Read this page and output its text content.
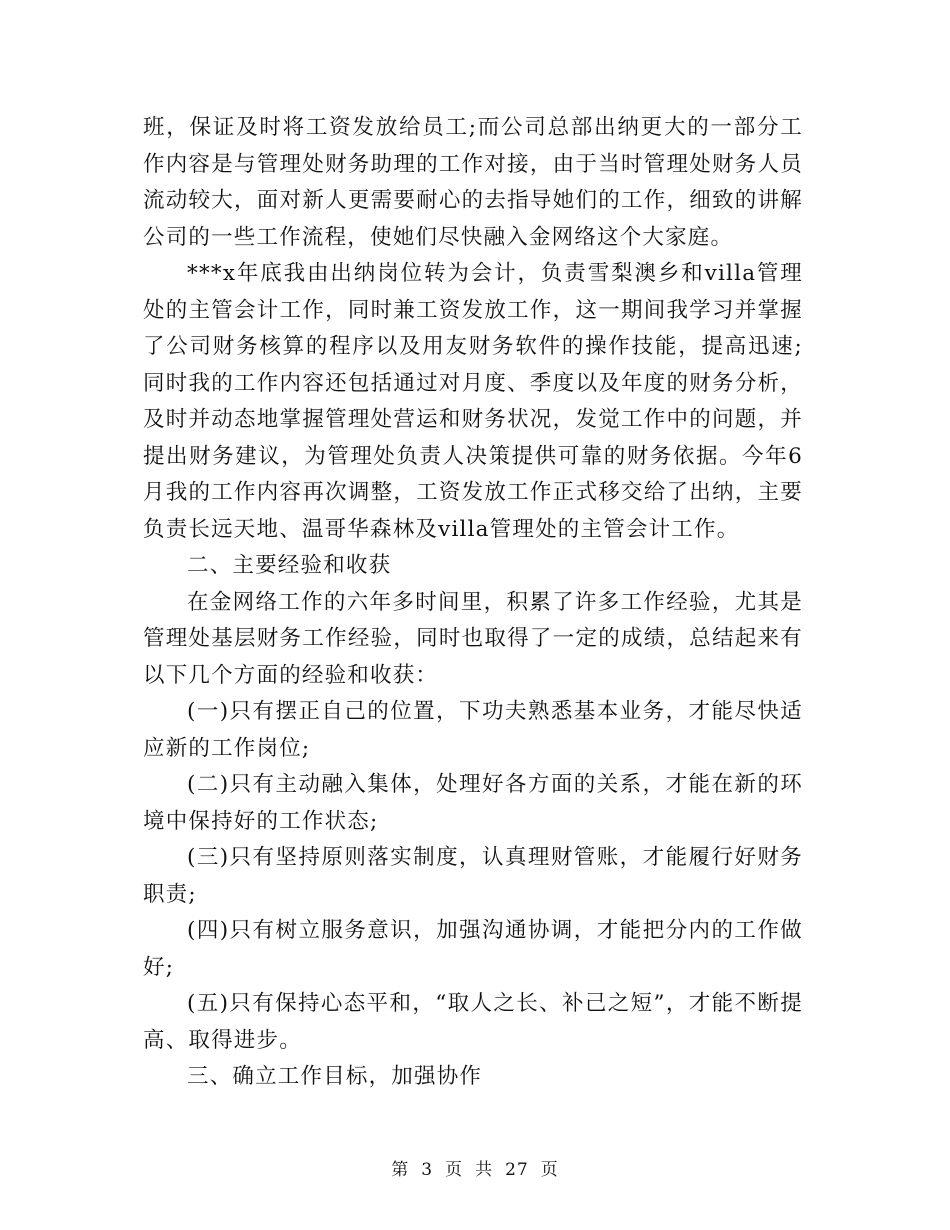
班，保证及时将工资发放给员工;而公司总部出纳更大的一部分工作内容是与管理处财务助理的工作对接，由于当时管理处财务人员流动较大，面对新人更需要耐心的去指导她们的工作，细致的讲解公司的一些工作流程，使她们尽快融入金网络这个大家庭。

***x年底我由出纳岗位转为会计，负责雪梨澳乡和villa管理处的主管会计工作，同时兼工资发放工作，这一期间我学习并掌握了公司财务核算的程序以及用友财务软件的操作技能，提高迅速;同时我的工作内容还包括通过对月度、季度以及年度的财务分析，及时并动态地掌握管理处营运和财务状况，发觉工作中的问题，并提出财务建议，为管理处负责人决策提供可靠的财务依据。今年6月我的工作内容再次调整，工资发放工作正式移交给了出纳，主要负责长远天地、温哥华森林及villa管理处的主管会计工作。

二、主要经验和收获

在金网络工作的六年多时间里，积累了许多工作经验，尤其是管理处基层财务工作经验，同时也取得了一定的成绩，总结起来有以下几个方面的经验和收获：

(一)只有摆正自己的位置，下功夫熟悉基本业务，才能尽快适应新的工作岗位;

(二)只有主动融入集体，处理好各方面的关系，才能在新的环境中保持好的工作状态;

(三)只有坚持原则落实制度，认真理财管账，才能履行好财务职责;

(四)只有树立服务意识，加强沟通协调，才能把分内的工作做好;

(五)只有保持心态平和，“取人之长、补己之短”，才能不断提高、取得进步。

三、确立工作目标，加强协作

第 3 页 共 27 页
